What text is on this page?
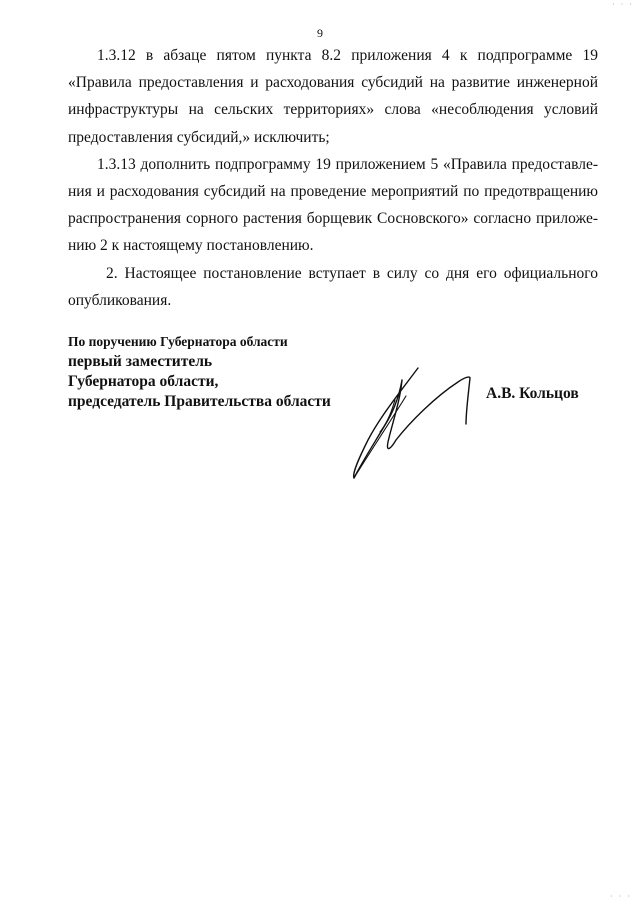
· · ·
9

1.3.12 в абзаце пятом пункта 8.2 приложения 4 к подпрограмме 19 «Правила предоставления и расходования субсидий на развитие инженерной инфраструктуры на сельских территориях» слова «несоблюдения условий предоставления субсидий,» исключить;

1.3.13 дополнить подпрограмму 19 приложением 5 «Правила предоставления и расходования субсидий на проведение мероприятий по предотвращению распространения сорного растения борщевик Сосновского» согласно приложению 2 к настоящему постановлению.

2. Настоящее постановление вступает в силу со дня его официального опубликования.

По поручению Губернатора области

первый заместитель

Губернатора области,

председатель Правительства области	А.В. Кольцов
· · ·
